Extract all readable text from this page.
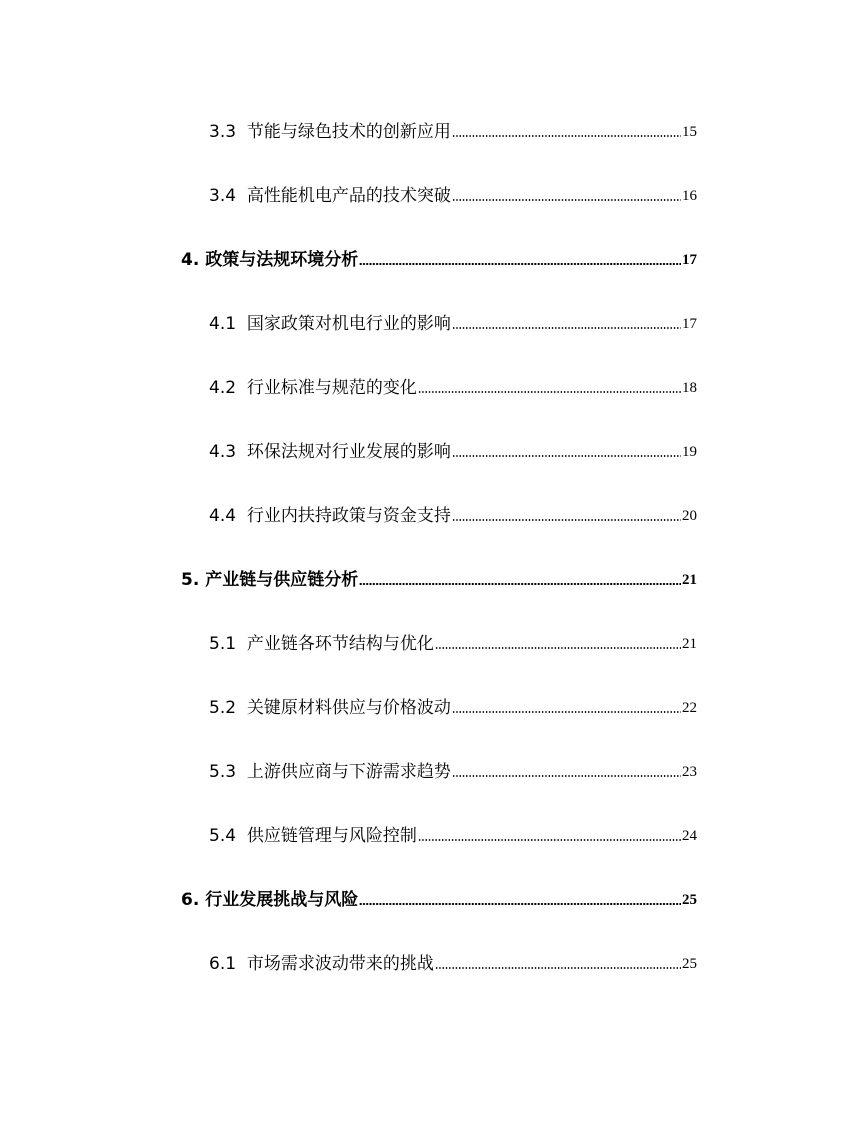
3.3 节能与绿色技术的创新应用	15
3.4 高性能机电产品的技术突破	16
4. 政策与法规环境分析	17
4.1 国家政策对机电行业的影响	17
4.2 行业标准与规范的变化	18
4.3 环保法规对行业发展的影响	19
4.4 行业内扶持政策与资金支持	20
5. 产业链与供应链分析	21
5.1 产业链各环节结构与优化	21
5.2 关键原材料供应与价格波动	22
5.3 上游供应商与下游需求趋势	23
5.4 供应链管理与风险控制	24
6. 行业发展挑战与风险	25
6.1 市场需求波动带来的挑战	25
